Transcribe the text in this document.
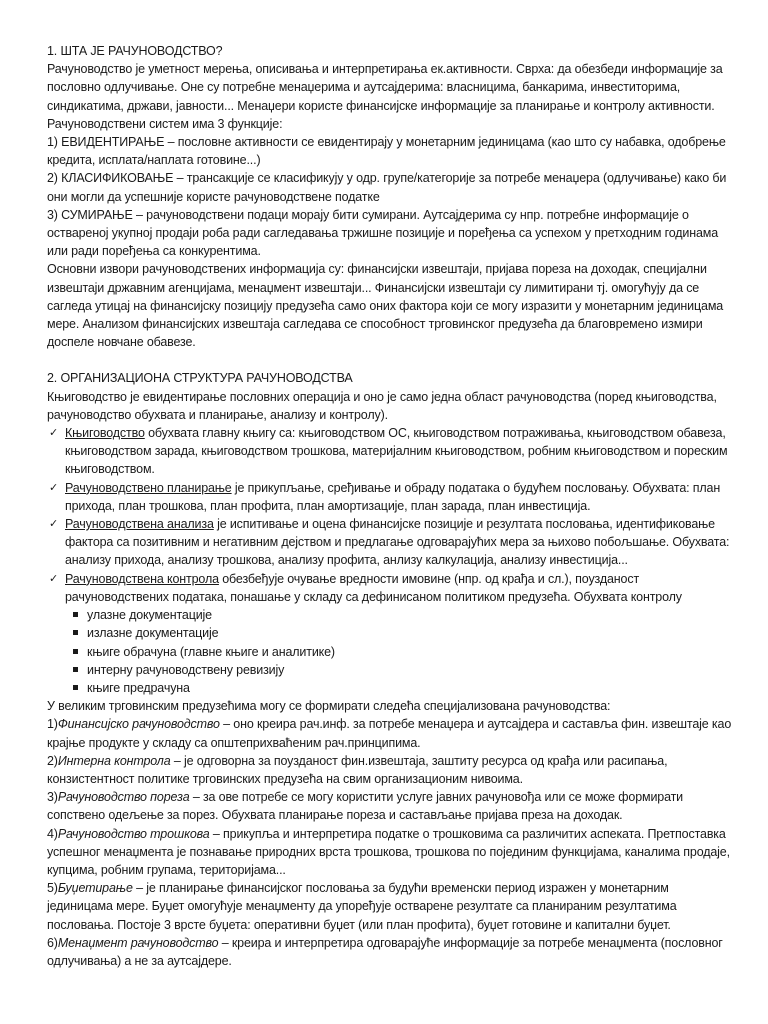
1. ШТА ЈЕ РАЧУНОВОДСТВО?

Рачуноводство је уметност мерења, описивања и интерпретирања ек.активности. Сврха: да обезбеди информације за пословно одлучивање. Оне су потребне менаџерима и аутсајдерима: власницима, банкарима, инвеститорима, синдикатима, држави, јавности... Менаџери користе финансијске информације за планирање и контролу активности. Рачуноводствени систем има 3 функције:

1) ЕВИДЕНТИРАЊЕ – пословне активности се евидентирају у монетарним јединицама (као што су набавка, одобрење кредита, исплата/наплата готовине...)

2) КЛАСИФИКОВАЊЕ – трансакције се класификују у одр. групе/категорије за потребе менаџера (одлучивање) како би они могли да успешније користе рачуноводствене податке

3) СУМИРАЊЕ – рачуноводствени подаци морају бити сумирани. Аутсајдерима су нпр. потребне информације о оствареној укупној продаји роба ради сагледавања тржишне позиције и поређења са успехом у претходним годинама или ради поређења са конкурентима.

Основни извори рачуноводствених информација су: финансијски извештаји, пријава пореза на доходак, специјални извештаји државним агенцијама, менаџмент извештаји... Финансијски извештаји су лимитирани тј. омогућују да се сагледа утицај на финансијску позицију предузећа само оних фактора који се могу изразити у монетарним јединицама мере. Анализом финансијских извештаја сагледава се способност трговинског предузећа да благовремено измири доспеле новчане обавезе.

2. ОРГАНИЗАЦИОНА СТРУКТУРА РАЧУНОВОДСТВА

Књиговодство је евидентирање пословних операција и оно је само једна област рачуноводства (поред књиговодства, рачуноводство обухвата и планирање, анализу и контролу).

✓ Књиговодство обухвата главну књигу са: књиговодством ОС, књиговодством потраживања, књиговодством обавеза, књиговодством зарада, књиговодством трошкова, материјалним књиговодством, робним књиговодством и пореским књиговодством.

✓ Рачуноводствено планирање је прикупљање, сређивање и обраду података о будућем пословању. Обухвата: план прихода, план трошкова, план профита, план амортизације, план зарада, план инвестиција.

✓ Рачуноводствена анализа је испитивање и оцена финансијске позиције и резултата пословања, идентификовање фактора са позитивним и негативним дејством и предлагање одговарајућих мера за њихово побољшање. Обухвата: анализу прихода, анализу трошкова, анализу профита, анлизу калкулација, анализу инвестиција...

✓ Рачуноводствена контрола обезбеђује очување вредности имовине (нпр. од крађа и сл.), поузданост рачуноводствених података, понашање у складу са дефинисаном политиком предузећа. Обухвата контролу

улазне документације
излазне документације
књиге обрачуна (главне књиге и аналитике)
интерну рачуноводствену ревизију
књиге предрачуна

У великим трговинским предузећима могу се формирати следећа специјализована рачуноводства:

1)Финансијско рачуноводство – оно креира рач.инф. за потребе менаџера и аутсајдера и саставља фин. извештаје као крајње продукте у складу са општеприхваћеним рач.принципима.

2)Интерна контрола – је одговорна за поузданост фин.извештаја, заштиту ресурса од крађа или расипања, конзистентност политике трговинских предузећа на свим организационим нивоима.

3)Рачуноводство пореза – за ове потребе се могу користити услуге јавних рачуновођа или се може формирати сопствено одељење за порез. Обухвата планирање пореза и састављање пријава преза на доходак.

4)Рачуноводство трошкова – прикупља и интерпретира податке о трошковима са различитих аспеката. Претпоставка успешног менаџмента је познавање природних врста трошкова, трошкова по појединим функцијама, каналима продаје, купцима, робним групама, територијама...

5)Буџетирање – је планирање финансијског пословања за будући временски период изражен у монетарним јединицама мере. Буџет омогућује менаџменту да упоређује остварене резултате са планираним резултатима пословања. Постоје 3 врсте буџета: оперативни буџет (или план профита), буџет готовине и капитални буџет.

6)Менаџмент рачуноводство – креира и интерпретира одговарајуће информације за потребе менаџмента (пословног одлучивања) а не за аутсајдере.
